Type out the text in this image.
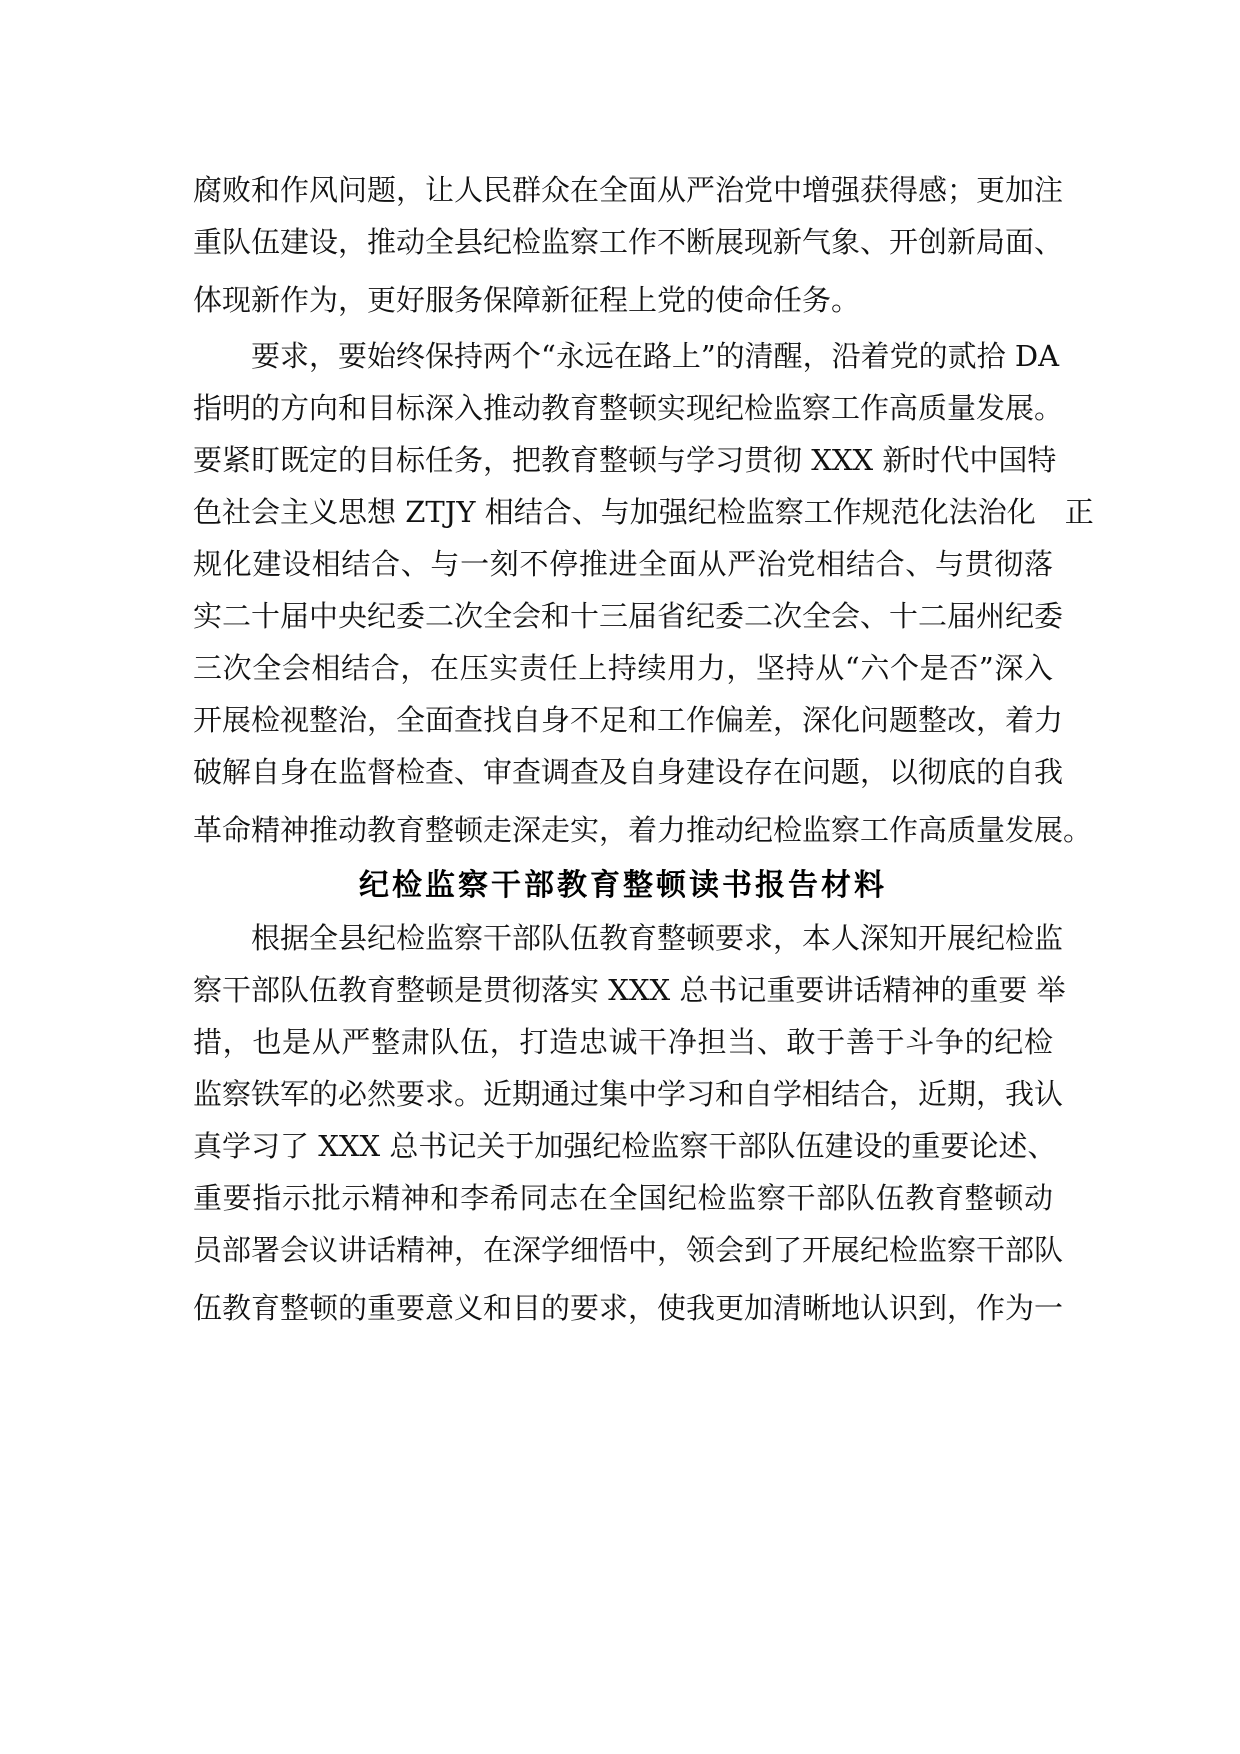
腐败和作风问题，让人民群众在全面从严治党中增强获得感；更加注
重队伍建设，推动全县纪检监察工作不断展现新气象、开创新局面、
体现新作为，更好服务保障新征程上党的使命任务。
要求，要始终保持两个“永远在路上”的清醒，沿着党的贰拾 DA
指明的方向和目标深入推动教育整顿实现纪检监察工作高质量发展。
要紧盯既定的目标任务，把教育整顿与学习贯彻 XXX 新时代中国特
色社会主义思想 ZTJY 相结合、与加强纪检监察工作规范化法治化　正
规化建设相结合、与一刻不停推进全面从严治党相结合、与贯彻落
实二十届中央纪委二次全会和十三届省纪委二次全会、十二届州纪委
三次全会相结合，在压实责任上持续用力，坚持从“六个是否”深入
开展检视整治，全面查找自身不足和工作偏差，深化问题整改，着力
破解自身在监督检查、审查调查及自身建设存在问题，以彻底的自我
革命精神推动教育整顿走深走实，着力推动纪检监察工作高质量发展。
纪检监察干部教育整顿读书报告材料
根据全县纪检监察干部队伍教育整顿要求，本人深知开展纪检监
察干部队伍教育整顿是贯彻落实 XXX 总书记重要讲话精神的重要 举
措，也是从严整肃队伍，打造忠诚干净担当、敢于善于斗争的纪检
监察铁军的必然要求。近期通过集中学习和自学相结合，近期，我认
真学习了 XXX 总书记关于加强纪检监察干部队伍建设的重要论述、
重要指示批示精神和李希同志在全国纪检监察干部队伍教育整顿动
员部署会议讲话精神，在深学细悟中，领会到了开展纪检监察干部队
伍教育整顿的重要意义和目的要求，使我更加清晰地认识到，作为一
